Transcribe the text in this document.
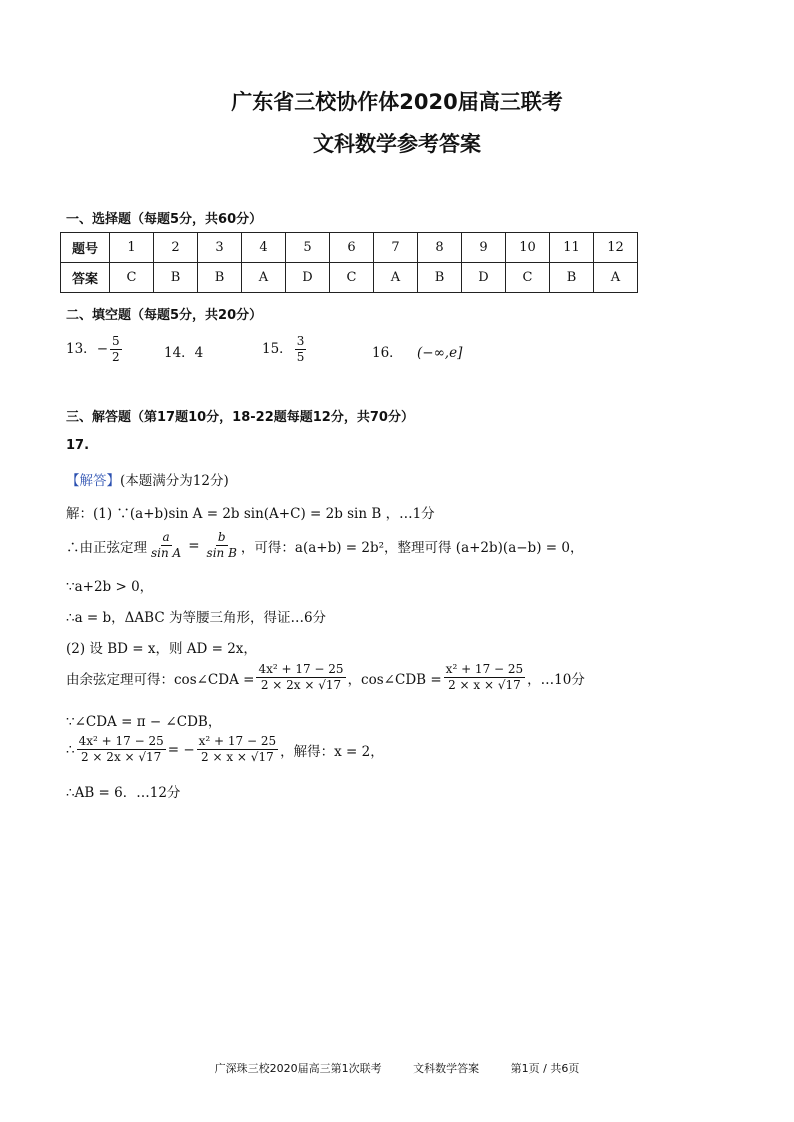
广东省三校协作体2020届高三联考
文科数学参考答案
一、选择题（每题5分，共60分）
题号	1	2	3	4	5	6	7	8	9	10	11	12
答案	C	B	B	A	D	C	A	B	D	C	B	A
二、填空题（每题5分，共20分）
13．− $\frac{5}{2}$	14．4	15． $\frac{3}{5}$	16． (−∞,e]
三、解答题（第17题10分，18-22题每题12分，共70分）
17.
【解答】(本题满分为12分)
解：(1) ∵(a+b)sin A = 2b sin(A+C) = 2b sin B ，…1分
∴由正弦定理 $\frac{a}{\text{sin A}} = \frac{b}{\text{sin B}}$ ，可得：a(a+b) = 2b²，整理可得 (a+2b)(a−b) = 0，
∵a+2b > 0，
∴a = b，ΔABC 为等腰三角形，得证…6分
(2) 设 BD = x，则 AD = 2x，
由余弦定理可得：cos∠CDA = $\frac{\text{4x² + 17 − 25}}{2 \times 2x \times √17}$ ，cos∠CDB = $\frac{\text{x² + 17 − 25}}{2 \times x \times √17}$ ，…10分
∵∠CDA = π − ∠CDB，
∴ $\frac{\text{4x² + 17 − 25}}{2 \times 2x \times √17}$ = − $\frac{\text{x² + 17 − 25}}{2 \times x \times √17}$ ，解得：x = 2，
∴AB = 6．…12分
广深珠三校2020届高三第1次联考	文科数学答案	第1页 / 共6页
